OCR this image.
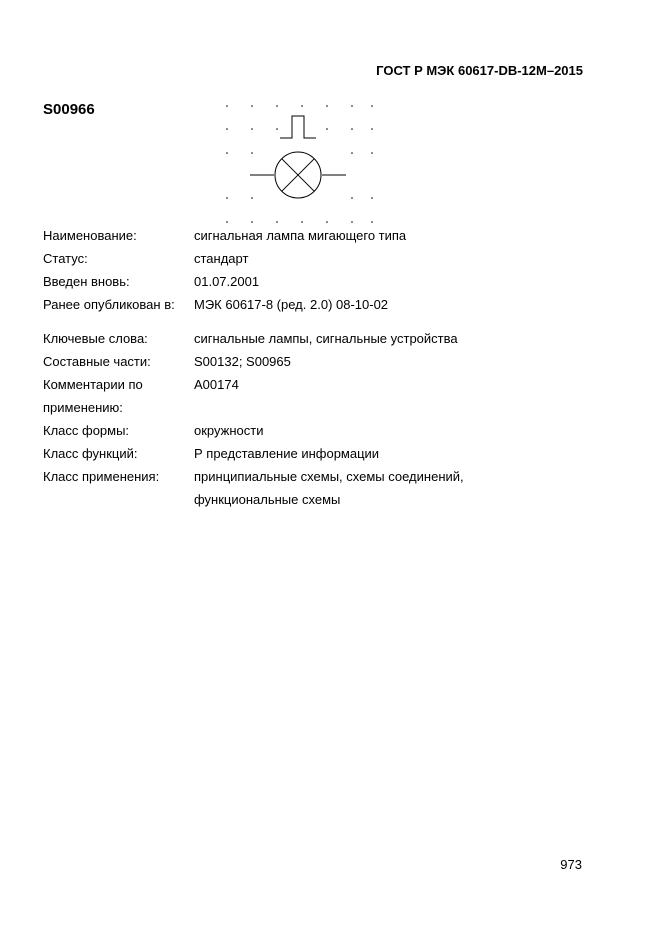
ГОСТ Р МЭК 60617-DB-12М–2015
S00966
Наименование:	сигнальная лампа мигающего типа
Статус:	стандарт
Введен вновь:	01.07.2001
Ранее опубликован в: МЭК 60617-8 (ред. 2.0) 08-10-02
Ключевые слова:	сигнальные лампы, сигнальные устройства
Составные части:	S00132; S00965
Комментарии по	A00174
применению:
Класс формы:	окружности
Класс функций:	Р представление информации
Класс применения:	принципиальные схемы, схемы соединений,
функциональные схемы
973
